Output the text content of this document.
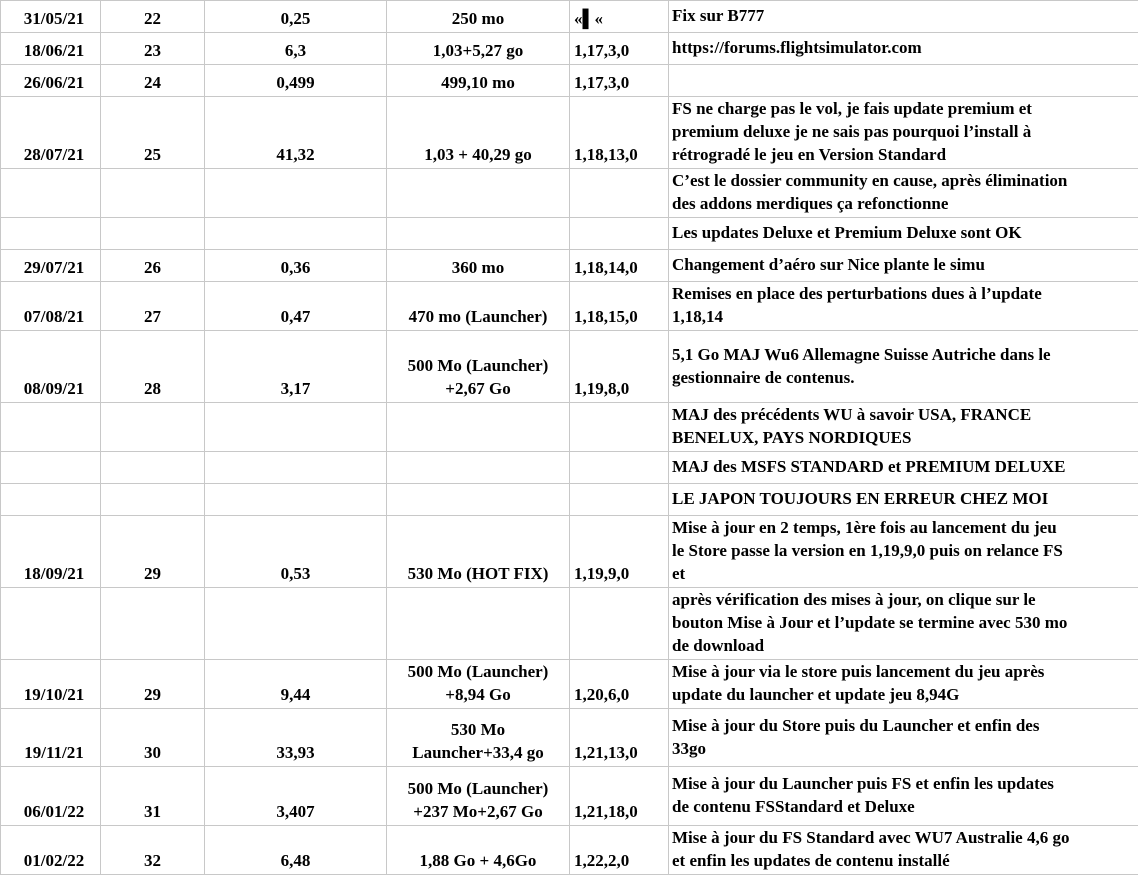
31/05/21	22	0,25	250 mo	«▌«	Fix sur B777

18/06/21	23	6,3	1,03+5,27 go	1,17,3,0	https://forums.flightsimulator.com

26/06/21	24	0,499	499,10 mo	1,17,3,0	

28/07/21	25	41,32	1,03 + 40,29 go	1,18,13,0	FS ne charge pas le vol, je fais update premium et
premium deluxe je ne sais pas pourquoi l’install à
rétrogradé le jeu en Version Standard

					C’est le dossier community en cause, après élimination
des addons merdiques ça refonctionne

					Les updates Deluxe et Premium Deluxe sont OK

29/07/21	26	0,36	360 mo	1,18,14,0	Changement d’aéro sur Nice plante le simu

07/08/21	27	0,47	470 mo (Launcher)	1,18,15,0	Remises en place des perturbations dues à l’update
1,18,14

08/09/21	28	3,17	500 Mo (Launcher)
+2,67 Go	1,19,8,0	5,1 Go MAJ Wu6 Allemagne Suisse Autriche dans le
gestionnaire de contenus.

					MAJ des précédents WU à savoir USA, FRANCE
BENELUX, PAYS NORDIQUES

					MAJ des MSFS STANDARD et PREMIUM DELUXE

					LE JAPON TOUJOURS EN ERREUR CHEZ MOI

18/09/21	29	0,53	530 Mo (HOT FIX)	1,19,9,0	Mise à jour en 2 temps, 1ère fois au lancement du jeu
le Store passe la version en 1,19,9,0 puis on relance FS
et

					après vérification des mises à jour, on clique sur le
bouton Mise à Jour et l’update se termine avec 530 mo
de download

19/10/21	29	9,44	500 Mo (Launcher)
+8,94 Go	1,20,6,0	Mise à jour via le store puis lancement du jeu après
update du launcher et update jeu 8,94G

19/11/21	30	33,93	530 Mo
Launcher+33,4 go	1,21,13,0	Mise à jour du Store puis du Launcher et enfin des
33go

06/01/22	31	3,407	500 Mo (Launcher)
+237 Mo+2,67 Go	1,21,18,0	Mise à jour du Launcher puis FS et enfin les updates
de contenu FSStandard et Deluxe

01/02/22	32	6,48	1,88 Go + 4,6Go	1,22,2,0	Mise à jour du FS Standard avec WU7 Australie 4,6 go
et enfin les updates de contenu installé
